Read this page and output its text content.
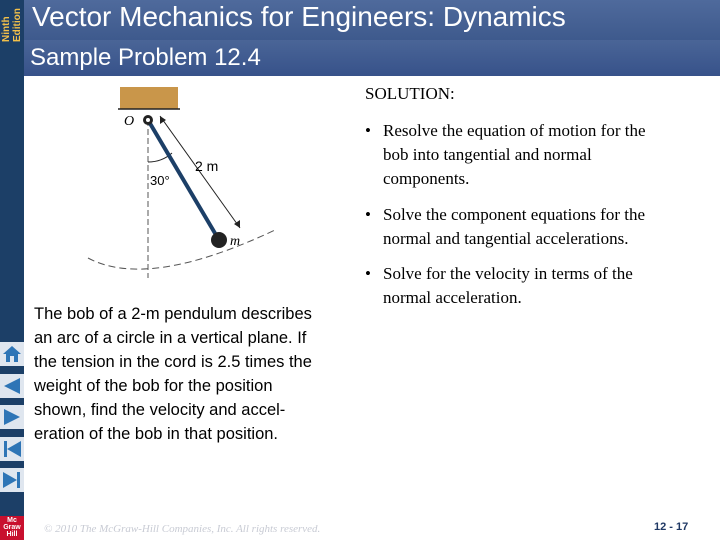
Ninth
Edition Vector Mechanics for Engineers: Dynamics
Sample Problem 12.4
O
2 m
30°
m
The bob of a 2-m pendulum describes
an arc of a circle in a vertical plane. If
the tension in the cord is 2.5 times the
weight of the bob for the position
shown, find the velocity and accel-
eration of the bob in that position.
SOLUTION:
• Resolve the equation of motion for the
bob into tangential and normal
components.
• Solve the component equations for the
normal and tangential accelerations.
• Solve for the velocity in terms of the
normal acceleration.
Mc
Graw
Hill	© 2010 The McGraw-Hill Companies, Inc. All rights reserved.	12 - 17
